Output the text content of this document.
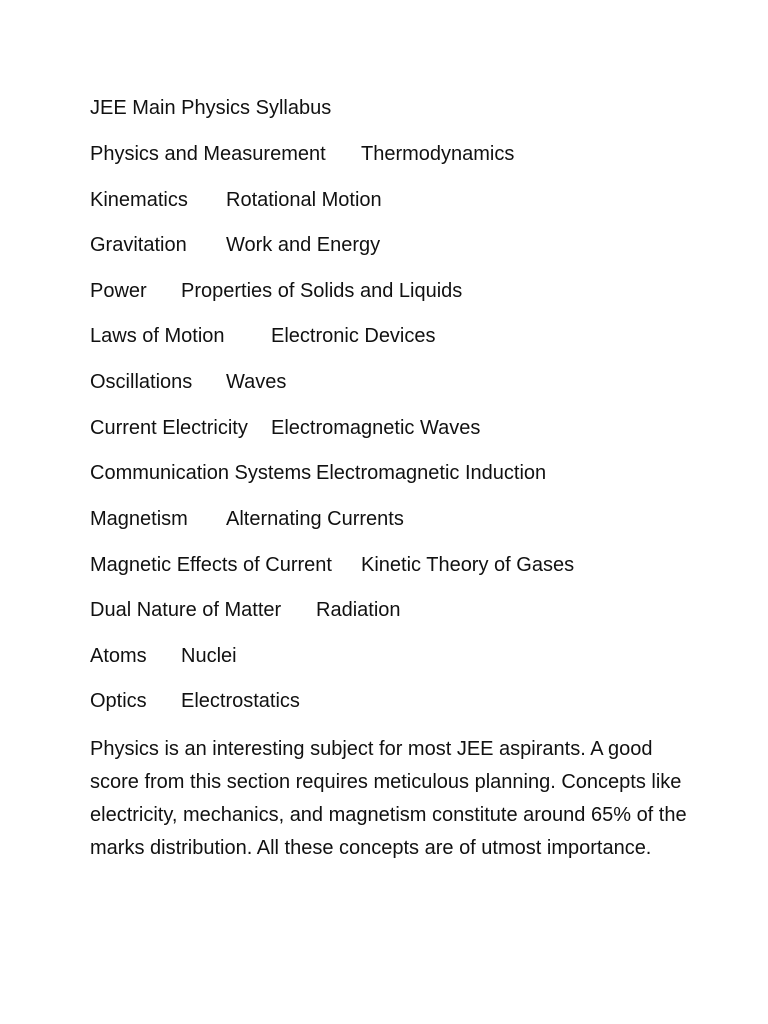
JEE Main Physics Syllabus
Physics and Measurement Thermodynamics
Kinematics Rotational Motion
Gravitation Work and Energy
Power Properties of Solids and Liquids
Laws of Motion Electronic Devices
Oscillations Waves
Current Electricity Electromagnetic Waves
Communication Systems Electromagnetic Induction
Magnetism Alternating Currents
Magnetic Effects of Current Kinetic Theory of Gases
Dual Nature of Matter Radiation
Atoms Nuclei
Optics Electrostatics
Physics is an interesting subject for most JEE aspirants. A good score from this section requires meticulous planning. Concepts like electricity, mechanics, and magnetism constitute around 65% of the marks distribution. All these concepts are of utmost importance.
